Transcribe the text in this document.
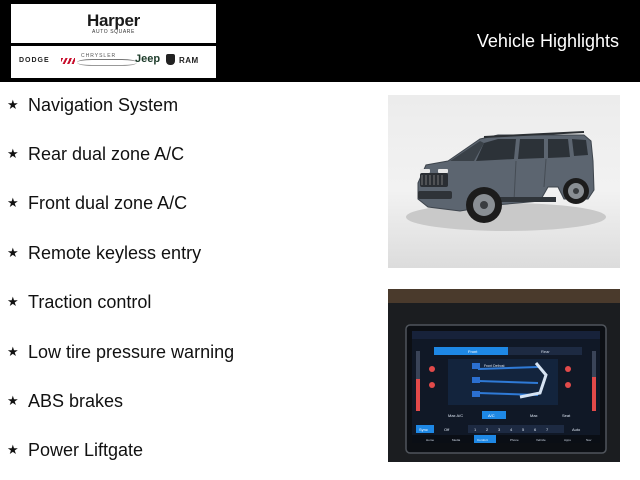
Harper
AUTO SQUARE
DODGE
CHRYSLER Jeep RAM
Vehicle Highlights
★ Navigation System
★ Rear dual zone A/C
★ Front dual zone A/C
★ Remote keyless entry
★ Traction control
★ Low tire pressure warning
★ ABS brakes
★ Power Liftgate
Front	Rear
Front Defrost
Max A/C	A/C	Max	Seat
Sync	Off	1 2 3 4 5 6 7	Auto
Home	Media	Comfort	Phone	Vehicle	Apps	Nav
